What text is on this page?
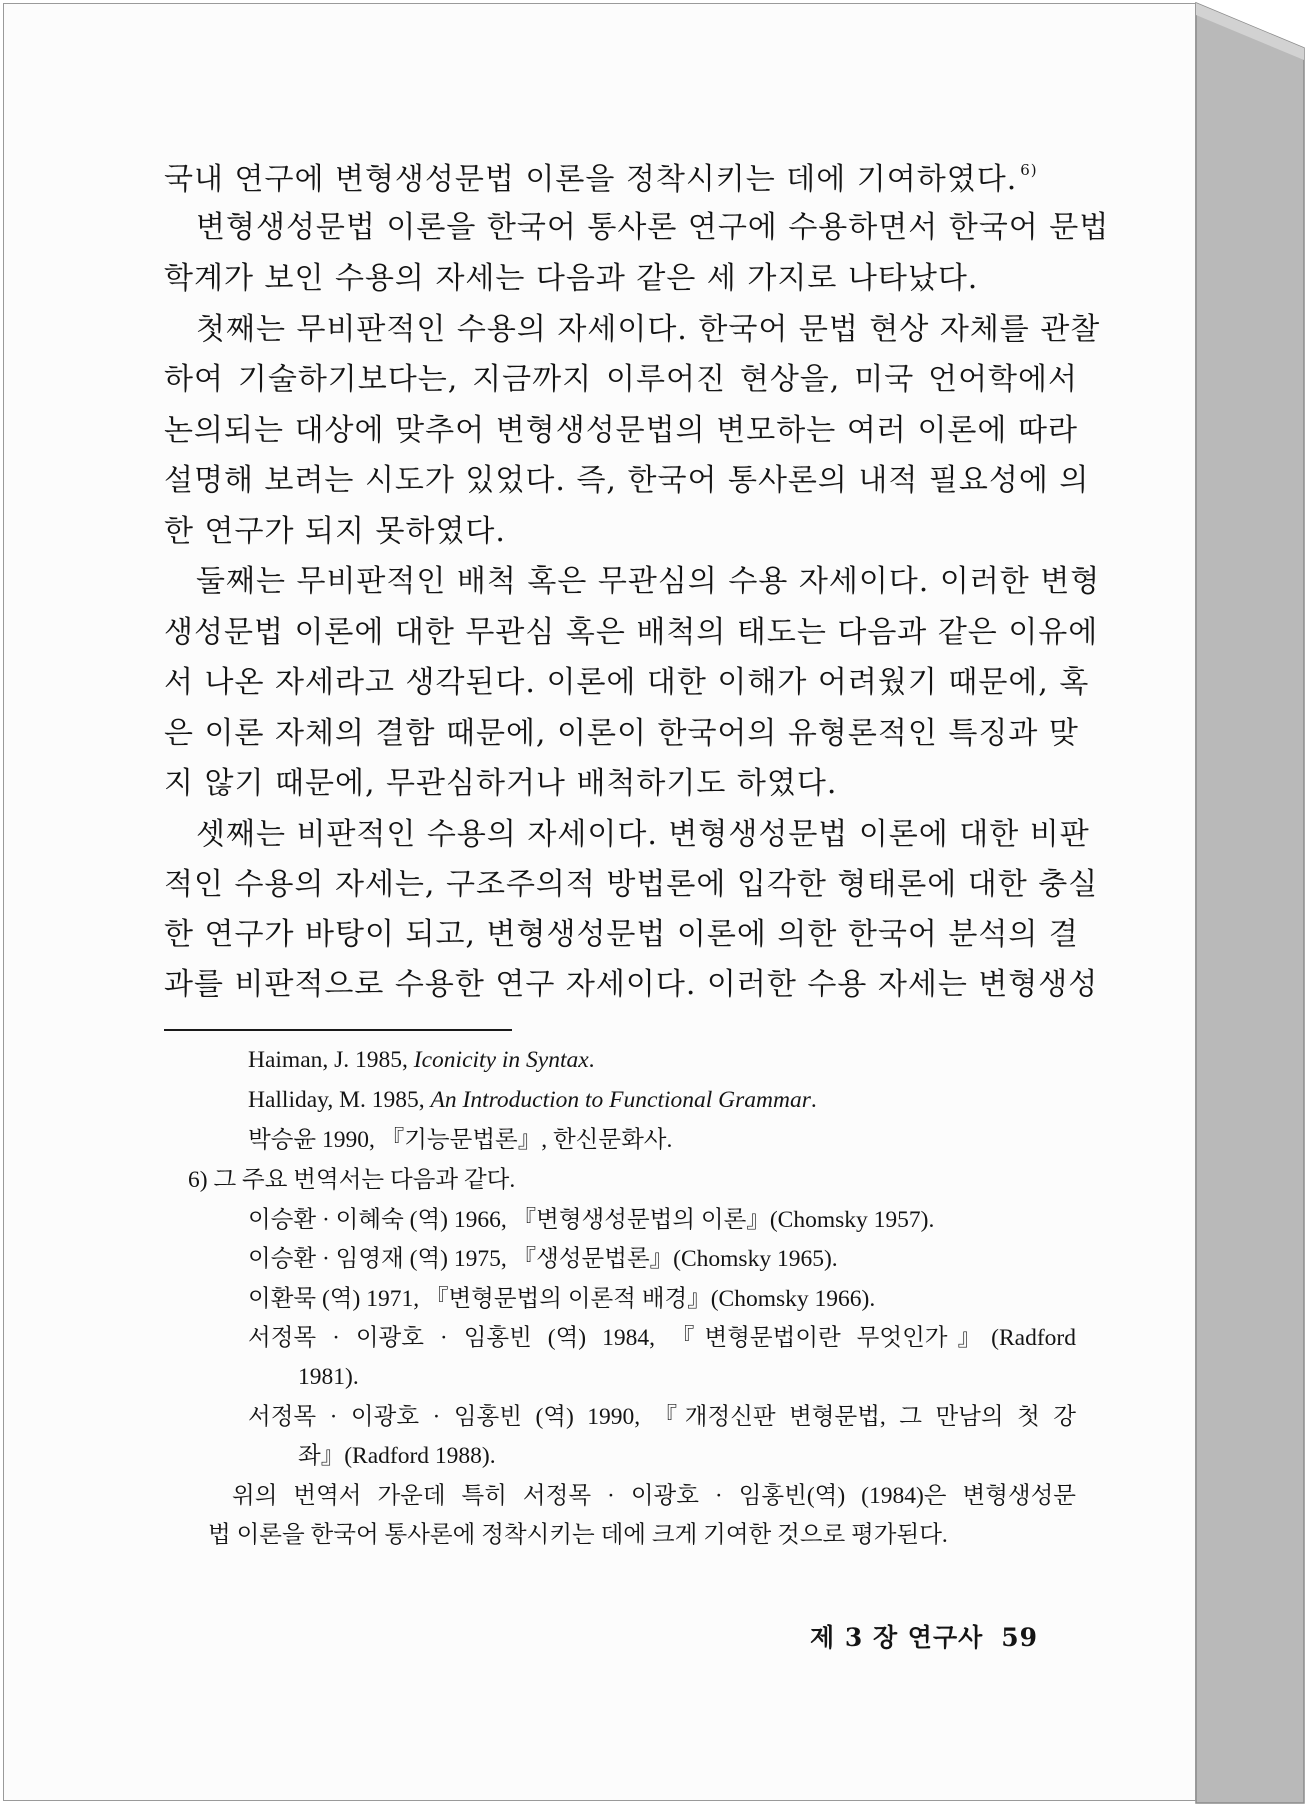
국내 연구에 변형생성문법 이론을 정착시키는 데에 기여하였다. $^{6)}$

변형생성문법 이론을 한국어 통사론 연구에 수용하면서 한국어 문법

학계가 보인 수용의 자세는 다음과 같은 세 가지로 나타났다.

첫째는 무비판적인 수용의 자세이다. 한국어 문법 현상 자체를 관찰

하여 기술하기보다는, 지금까지 이루어진 현상을, 미국 언어학에서

논의되는 대상에 맞추어 변형생성문법의 변모하는 여러 이론에 따라

설명해 보려는 시도가 있었다. 즉, 한국어 통사론의 내적 필요성에 의

한 연구가 되지 못하였다.

둘째는 무비판적인 배척 혹은 무관심의 수용 자세이다. 이러한 변형

생성문법 이론에 대한 무관심 혹은 배척의 태도는 다음과 같은 이유에

서 나온 자세라고 생각된다. 이론에 대한 이해가 어려웠기 때문에, 혹

은 이론 자체의 결함 때문에, 이론이 한국어의 유형론적인 특징과 맞

지 않기 때문에, 무관심하거나 배척하기도 하였다.

셋째는 비판적인 수용의 자세이다. 변형생성문법 이론에 대한 비판

적인 수용의 자세는, 구조주의적 방법론에 입각한 형태론에 대한 충실

한 연구가 바탕이 되고, 변형생성문법 이론에 의한 한국어 분석의 결

과를 비판적으로 수용한 연구 자세이다. 이러한 수용 자세는 변형생성

Haiman, J. 1985, Iconicity in Syntax.

Halliday, M. 1985, An Introduction to Functional Grammar.

박승윤 1990, 『기능문법론』, 한신문화사.

6) 그 주요 번역서는 다음과 같다.

이승환 · 이혜숙 (역) 1966, 『변형생성문법의 이론』(Chomsky 1957).

이승환 · 임영재 (역) 1975, 『생성문법론』(Chomsky 1965).

이환묵 (역) 1971, 『변형문법의 이론적 배경』(Chomsky 1966).

서정목 · 이광호 · 임홍빈 (역) 1984, 『변형문법이란 무엇인가』(Radford

1981).

서정목 · 이광호 · 임홍빈 (역) 1990, 『개정신판 변형문법, 그 만남의 첫 강

좌』(Radford 1988).

위의 번역서 가운데 특히 서정목 · 이광호 · 임홍빈(역) (1984)은 변형생성문

법 이론을 한국어 통사론에 정착시키는 데에 크게 기여한 것으로 평가된다.

제 3 장 연구사 59
